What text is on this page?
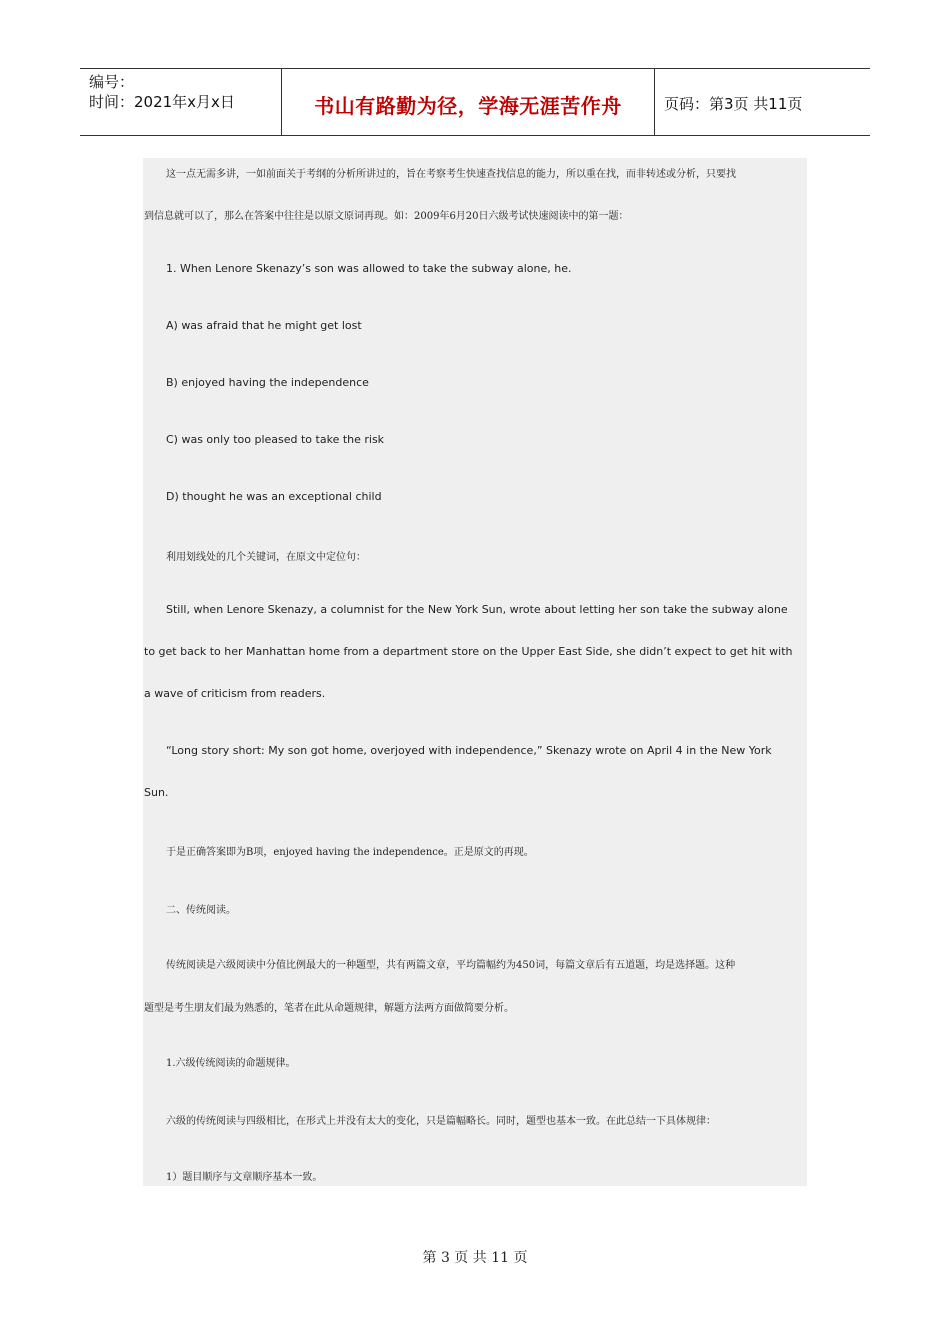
编号：
时间：2021年x月x日	书山有路勤为径，学海无涯苦作舟	页码：第3页 共11页
这一点无需多讲，一如前面关于考纲的分析所讲过的，旨在考察考生快速查找信息的能力，所以重在找，而非转述或分析，只要找
到信息就可以了，那么在答案中往往是以原文原词再现。如：2009年6月20日六级考试快速阅读中的第一题：
1. When Lenore Skenazy’s son was allowed to take the subway alone, he.
A) was afraid that he might get lost
B) enjoyed having the independence
C) was only too pleased to take the risk
D) thought he was an exceptional child
利用划线处的几个关键词，在原文中定位句：
Still, when Lenore Skenazy, a columnist for the New York Sun, wrote about letting her son take the subway alone
to get back to her Manhattan home from a department store on the Upper East Side, she didn’t expect to get hit with
a wave of criticism from readers.
“Long story short: My son got home, overjoyed with independence,” Skenazy wrote on April 4 in the New York
Sun.
于是正确答案即为B项，enjoyed having the independence。正是原文的再现。
二、传统阅读。
传统阅读是六级阅读中分值比例最大的一种题型，共有两篇文章，平均篇幅约为450词，每篇文章后有五道题，均是选择题。这种
题型是考生朋友们最为熟悉的，笔者在此从命题规律，解题方法两方面做简要分析。
1.六级传统阅读的命题规律。
六级的传统阅读与四级相比，在形式上并没有太大的变化，只是篇幅略长。同时，题型也基本一致。在此总结一下具体规律：
1）题目顺序与文章顺序基本一致。
第 3 页 共 11 页
